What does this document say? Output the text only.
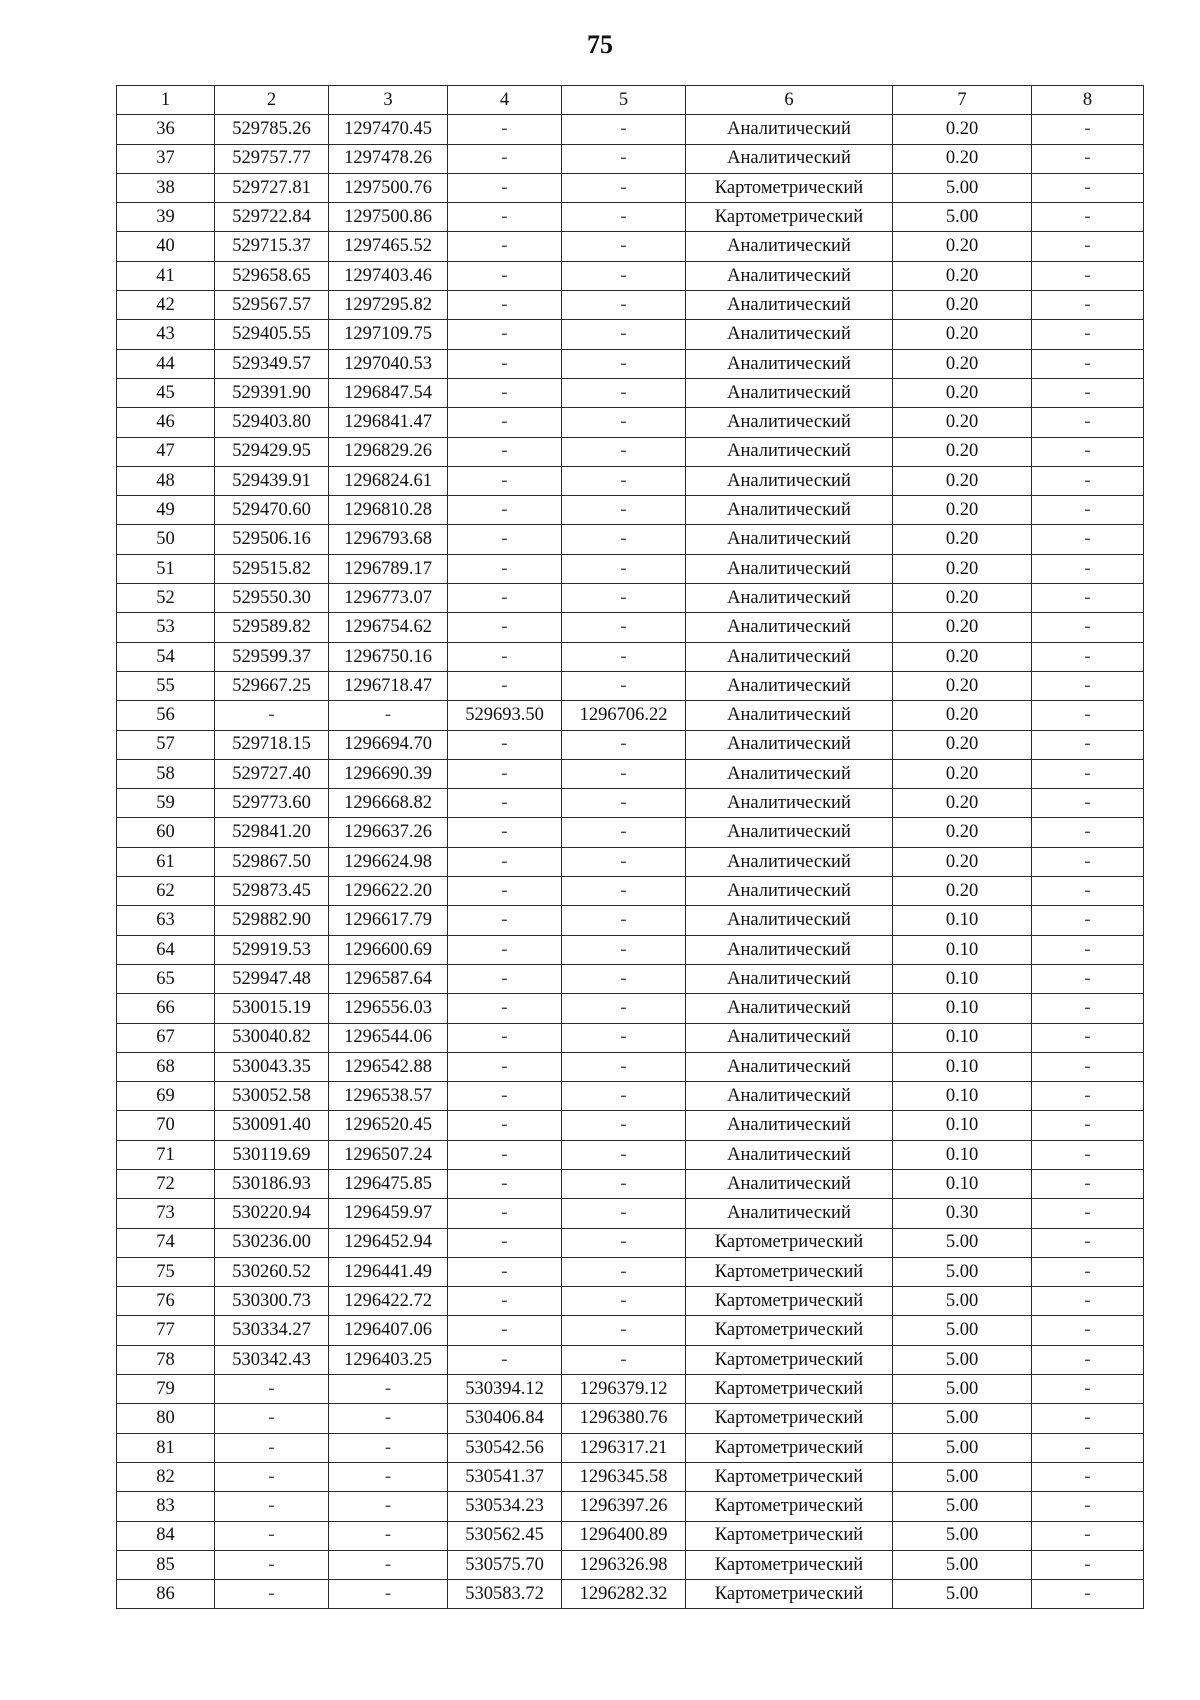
75
1	2	3	4	5	6	7	8
36	529785.26	1297470.45	-	-	Аналитический	0.20	-
37	529757.77	1297478.26	-	-	Аналитический	0.20	-
38	529727.81	1297500.76	-	-	Картометрический	5.00	-
39	529722.84	1297500.86	-	-	Картометрический	5.00	-
40	529715.37	1297465.52	-	-	Аналитический	0.20	-
41	529658.65	1297403.46	-	-	Аналитический	0.20	-
42	529567.57	1297295.82	-	-	Аналитический	0.20	-
43	529405.55	1297109.75	-	-	Аналитический	0.20	-
44	529349.57	1297040.53	-	-	Аналитический	0.20	-
45	529391.90	1296847.54	-	-	Аналитический	0.20	-
46	529403.80	1296841.47	-	-	Аналитический	0.20	-
47	529429.95	1296829.26	-	-	Аналитический	0.20	-
48	529439.91	1296824.61	-	-	Аналитический	0.20	-
49	529470.60	1296810.28	-	-	Аналитический	0.20	-
50	529506.16	1296793.68	-	-	Аналитический	0.20	-
51	529515.82	1296789.17	-	-	Аналитический	0.20	-
52	529550.30	1296773.07	-	-	Аналитический	0.20	-
53	529589.82	1296754.62	-	-	Аналитический	0.20	-
54	529599.37	1296750.16	-	-	Аналитический	0.20	-
55	529667.25	1296718.47	-	-	Аналитический	0.20	-
56	-	-	529693.50	1296706.22	Аналитический	0.20	-
57	529718.15	1296694.70	-	-	Аналитический	0.20	-
58	529727.40	1296690.39	-	-	Аналитический	0.20	-
59	529773.60	1296668.82	-	-	Аналитический	0.20	-
60	529841.20	1296637.26	-	-	Аналитический	0.20	-
61	529867.50	1296624.98	-	-	Аналитический	0.20	-
62	529873.45	1296622.20	-	-	Аналитический	0.20	-
63	529882.90	1296617.79	-	-	Аналитический	0.10	-
64	529919.53	1296600.69	-	-	Аналитический	0.10	-
65	529947.48	1296587.64	-	-	Аналитический	0.10	-
66	530015.19	1296556.03	-	-	Аналитический	0.10	-
67	530040.82	1296544.06	-	-	Аналитический	0.10	-
68	530043.35	1296542.88	-	-	Аналитический	0.10	-
69	530052.58	1296538.57	-	-	Аналитический	0.10	-
70	530091.40	1296520.45	-	-	Аналитический	0.10	-
71	530119.69	1296507.24	-	-	Аналитический	0.10	-
72	530186.93	1296475.85	-	-	Аналитический	0.10	-
73	530220.94	1296459.97	-	-	Аналитический	0.30	-
74	530236.00	1296452.94	-	-	Картометрический	5.00	-
75	530260.52	1296441.49	-	-	Картометрический	5.00	-
76	530300.73	1296422.72	-	-	Картометрический	5.00	-
77	530334.27	1296407.06	-	-	Картометрический	5.00	-
78	530342.43	1296403.25	-	-	Картометрический	5.00	-
79	-	-	530394.12	1296379.12	Картометрический	5.00	-
80	-	-	530406.84	1296380.76	Картометрический	5.00	-
81	-	-	530542.56	1296317.21	Картометрический	5.00	-
82	-	-	530541.37	1296345.58	Картометрический	5.00	-
83	-	-	530534.23	1296397.26	Картометрический	5.00	-
84	-	-	530562.45	1296400.89	Картометрический	5.00	-
85	-	-	530575.70	1296326.98	Картометрический	5.00	-
86	-	-	530583.72	1296282.32	Картометрический	5.00	-
